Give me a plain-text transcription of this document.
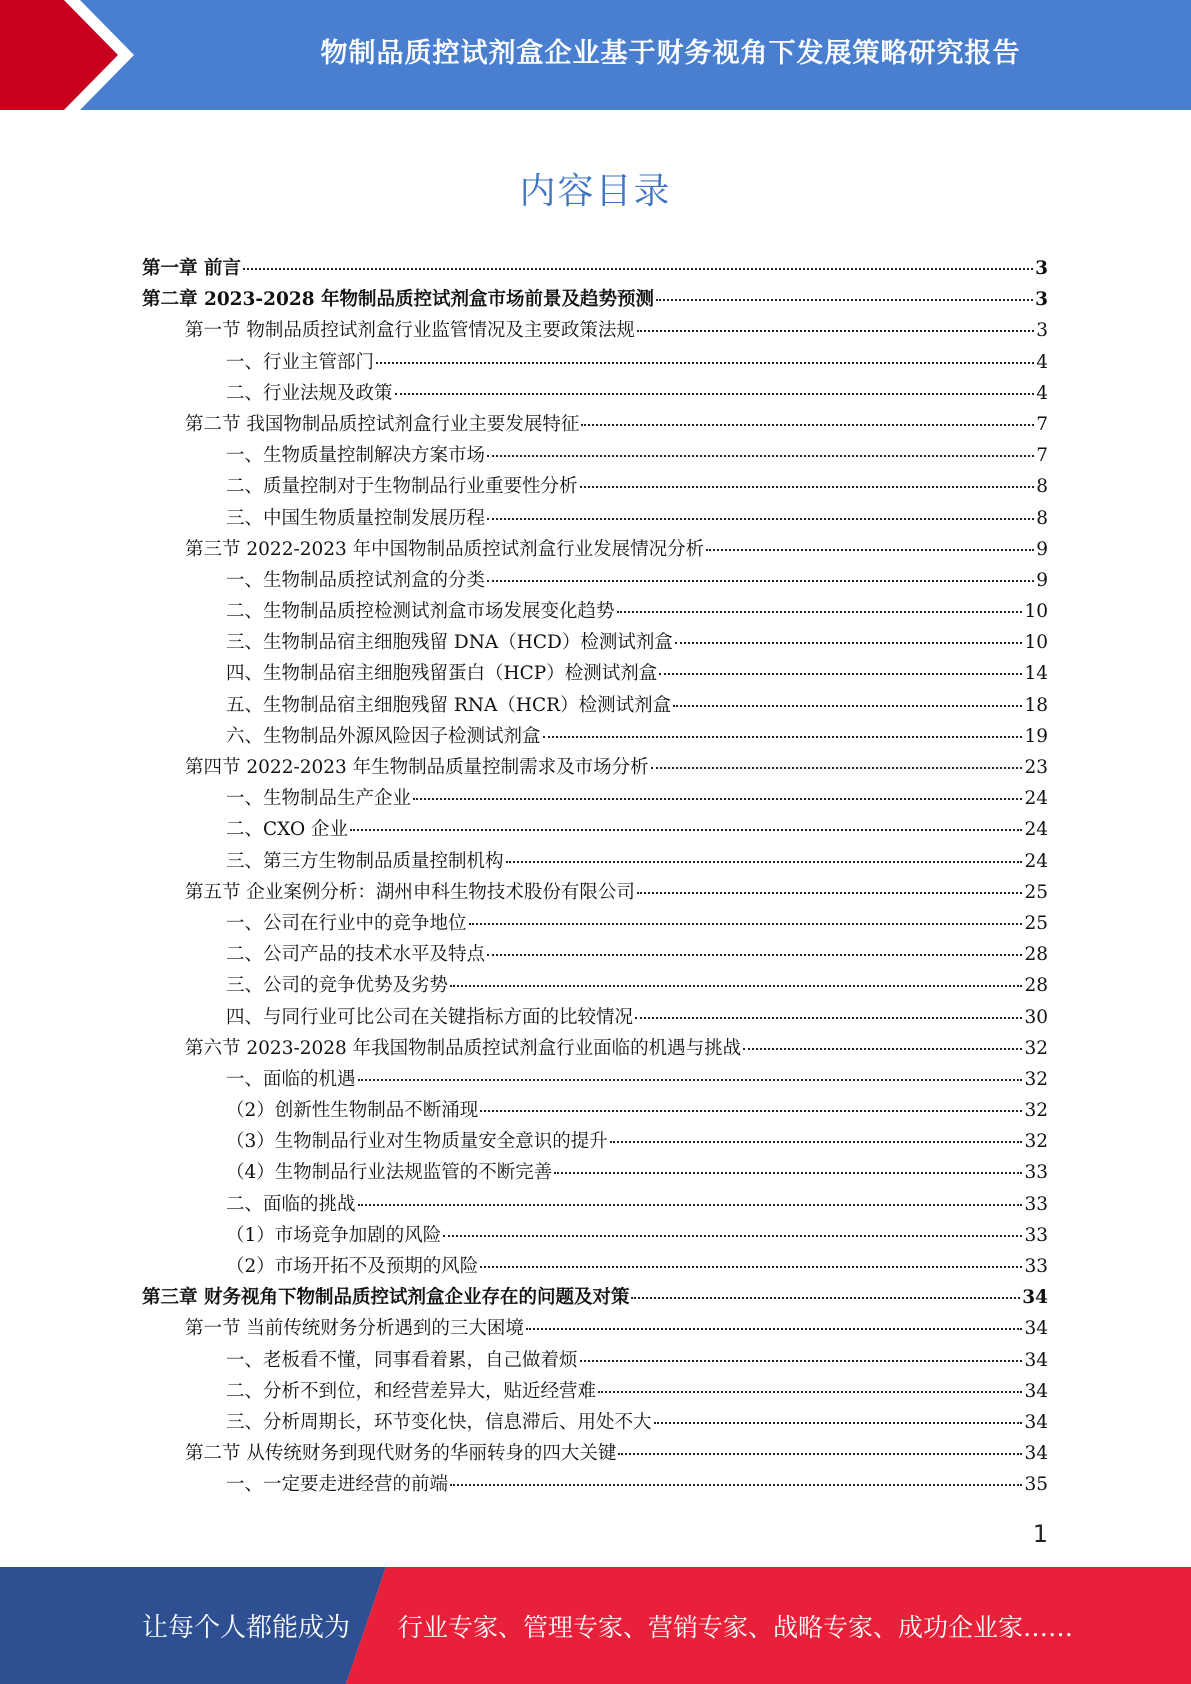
物制品质控试剂盒企业基于财务视角下发展策略研究报告
内容目录
第一章 前言	3
第二章 2023-2028 年物制品质控试剂盒市场前景及趋势预测	3
第一节 物制品质控试剂盒行业监管情况及主要政策法规	3
一、行业主管部门	4
二、行业法规及政策	4
第二节 我国物制品质控试剂盒行业主要发展特征	7
一、生物质量控制解决方案市场	7
二、质量控制对于生物制品行业重要性分析	8
三、中国生物质量控制发展历程	8
第三节 2022-2023 年中国物制品质控试剂盒行业发展情况分析	9
一、生物制品质控试剂盒的分类	9
二、生物制品质控检测试剂盒市场发展变化趋势	10
三、生物制品宿主细胞残留 DNA（HCD）检测试剂盒	10
四、生物制品宿主细胞残留蛋白（HCP）检测试剂盒	14
五、生物制品宿主细胞残留 RNA（HCR）检测试剂盒	18
六、生物制品外源风险因子检测试剂盒	19
第四节 2022-2023 年生物制品质量控制需求及市场分析	23
一、生物制品生产企业	24
二、CXO 企业	24
三、第三方生物制品质量控制机构	24
第五节 企业案例分析：湖州申科生物技术股份有限公司	25
一、公司在行业中的竞争地位	25
二、公司产品的技术水平及特点	28
三、公司的竞争优势及劣势	28
四、与同行业可比公司在关键指标方面的比较情况	30
第六节 2023-2028 年我国物制品质控试剂盒行业面临的机遇与挑战	32
一、面临的机遇	32
（2）创新性生物制品不断涌现	32
（3）生物制品行业对生物质量安全意识的提升	32
（4）生物制品行业法规监管的不断完善	33
二、面临的挑战	33
（1）市场竞争加剧的风险	33
（2）市场开拓不及预期的风险	33
第三章 财务视角下物制品质控试剂盒企业存在的问题及对策	34
第一节 当前传统财务分析遇到的三大困境	34
一、老板看不懂，同事看着累，自己做着烦	34
二、分析不到位，和经营差异大，贴近经营难	34
三、分析周期长，环节变化快，信息滞后、用处不大	34
第二节 从传统财务到现代财务的华丽转身的四大关键	34
一、一定要走进经营的前端	35
1
让每个人都能成为 行业专家、管理专家、营销专家、战略专家、成功企业家……
